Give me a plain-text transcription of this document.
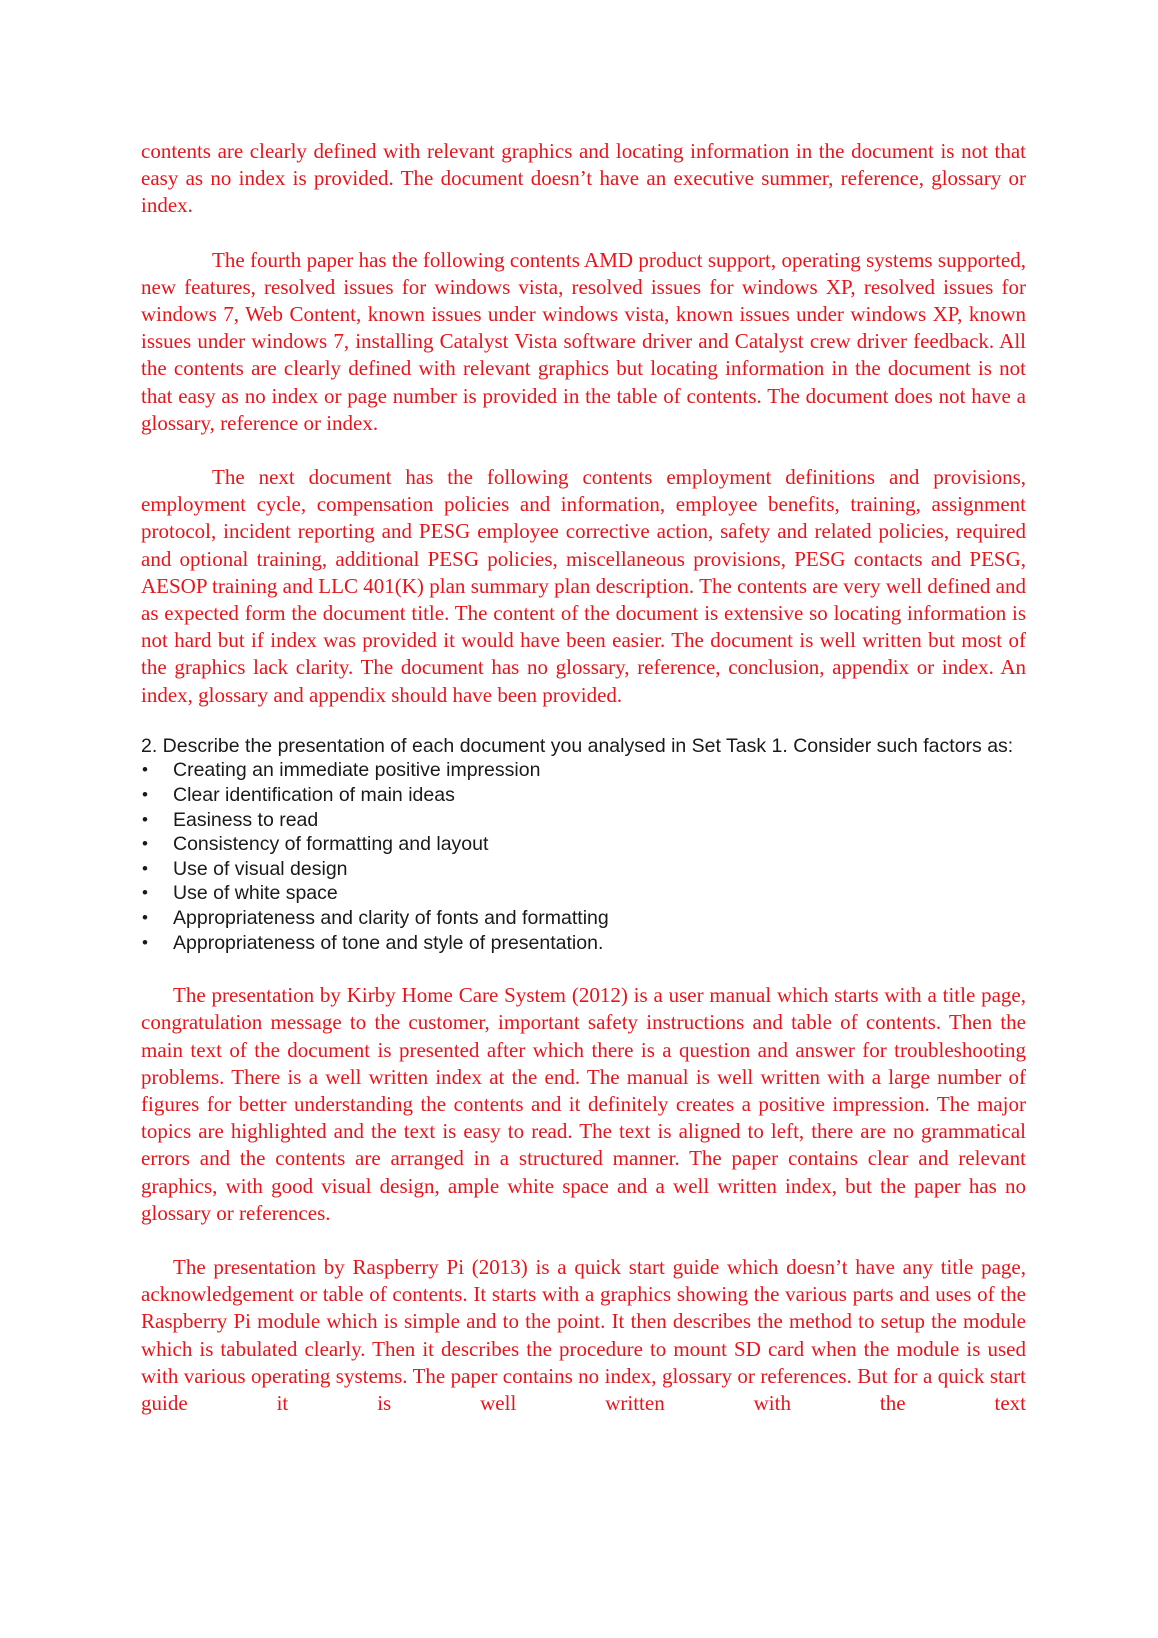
contents are clearly defined with relevant graphics and locating information in the document is not that easy as no index is provided. The document doesn’t have an executive summer, reference, glossary or index.

The fourth paper has the following contents AMD product support, operating systems supported, new features, resolved issues for windows vista, resolved issues for windows XP, resolved issues for windows 7, Web Content, known issues under windows vista, known issues under windows XP, known issues under windows 7, installing Catalyst Vista software driver and Catalyst crew driver feedback. All the contents are clearly defined with relevant graphics but locating information in the document is not that easy as no index or page number is provided in the table of contents. The document does not have a glossary, reference or index.

The next document has the following contents employment definitions and provisions, employment cycle, compensation policies and information, employee benefits, training, assignment protocol, incident reporting and PESG employee corrective action, safety and related policies, required and optional training, additional PESG policies, miscellaneous provisions, PESG contacts and PESG, AESOP training and LLC 401(K) plan summary plan description. The contents are very well defined and as expected form the document title. The content of the document is extensive so locating information is not hard but if index was provided it would have been easier. The document is well written but most of the graphics lack clarity. The document has no glossary, reference, conclusion, appendix or index. An index, glossary and appendix should have been provided.

2. Describe the presentation of each document you analysed in Set Task 1. Consider such factors as:

• Creating an immediate positive impression
• Clear identification of main ideas
• Easiness to read
• Consistency of formatting and layout
• Use of visual design
• Use of white space
• Appropriateness and clarity of fonts and formatting
• Appropriateness of tone and style of presentation.

The presentation by Kirby Home Care System (2012) is a user manual which starts with a title page, congratulation message to the customer, important safety instructions and table of contents. Then the main text of the document is presented after which there is a question and answer for troubleshooting problems. There is a well written index at the end. The manual is well written with a large number of figures for better understanding the contents and it definitely creates a positive impression. The major topics are highlighted and the text is easy to read. The text is aligned to left, there are no grammatical errors and the contents are arranged in a structured manner. The paper contains clear and relevant graphics, with good visual design, ample white space and a well written index, but the paper has no glossary or references.

The presentation by Raspberry Pi (2013) is a quick start guide which doesn’t have any title page, acknowledgement or table of contents. It starts with a graphics showing the various parts and uses of the Raspberry Pi module which is simple and to the point. It then describes the method to setup the module which is tabulated clearly. Then it describes the procedure to mount SD card when the module is used with various operating systems. The paper contains no index, glossary or references. But for a quick start guide it is well written with the text
